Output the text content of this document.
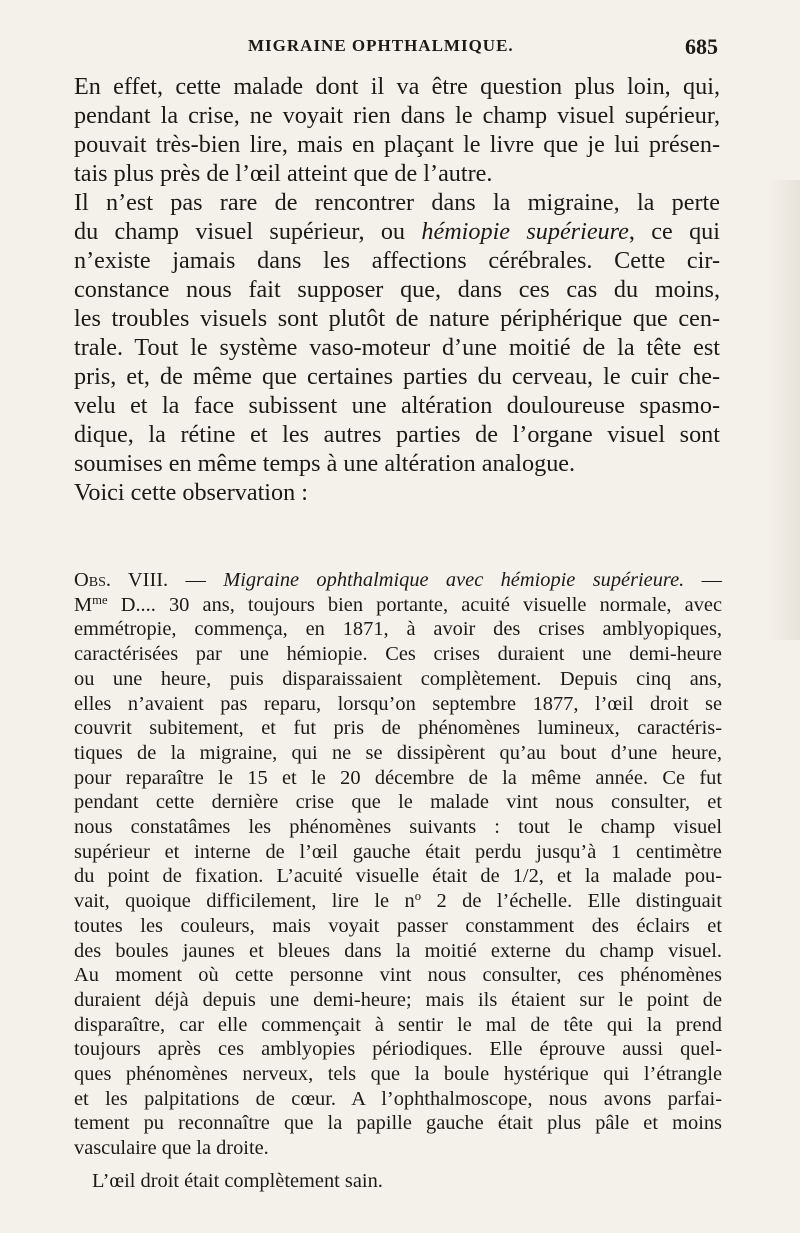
MIGRAINE OPHTHALMIQUE.	685

En effet, cette malade dont il va être question plus loin, qui,
pendant la crise, ne voyait rien dans le champ visuel supérieur,
pouvait très-bien lire, mais en plaçant le livre que je lui présen-
tais plus près de l’œil atteint que de l’autre.

Il n’est pas rare de rencontrer dans la migraine, la perte
du champ visuel supérieur, ou hémiopie supérieure, ce qui
n’existe jamais dans les affections cérébrales. Cette cir-
constance nous fait supposer que, dans ces cas du moins,
les troubles visuels sont plutôt de nature périphérique que cen-
trale. Tout le système vaso-moteur d’une moitié de la tête est
pris, et, de même que certaines parties du cerveau, le cuir che-
velu et la face subissent une altération douloureuse spasmo-
dique, la rétine et les autres parties de l’organe visuel sont
soumises en même temps à une altération analogue.

Voici cette observation :

Obs. VIII. — Migraine ophthalmique avec hémiopie supérieure. —
$M^{me}$ D.... 30 ans, toujours bien portante, acuité visuelle normale, avec
emmétropie, commença, en 1871, à avoir des crises amblyopiques,
caractérisées par une hémiopie. Ces crises duraient une demi-heure
ou une heure, puis disparaissaient complètement. Depuis cinq ans,
elles n’avaient pas reparu, lorsqu’on septembre 1877, l’œil droit se
couvrit subitement, et fut pris de phénomènes lumineux, caractéris-
tiques de la migraine, qui ne se dissipèrent qu’au bout d’une heure,
pour reparaître le 15 et le 20 décembre de la même année. Ce fut
pendant cette dernière crise que le malade vint nous consulter, et
nous constatâmes les phénomènes suivants : tout le champ visuel
supérieur et interne de l’œil gauche était perdu jusqu’à 1 centimètre
du point de fixation. L’acuité visuelle était de 1/2, et la malade pou-
vait, quoique difficilement, lire le $n^o$ 2 de l’échelle. Elle distinguait
toutes les couleurs, mais voyait passer constamment des éclairs et
des boules jaunes et bleues dans la moitié externe du champ visuel.
Au moment où cette personne vint nous consulter, ces phénomènes
duraient déjà depuis une demi-heure; mais ils étaient sur le point de
disparaître, car elle commençait à sentir le mal de tête qui la prend
toujours après ces amblyopies périodiques. Elle éprouve aussi quel-
ques phénomènes nerveux, tels que la boule hystérique qui l’étrangle
et les palpitations de cœur. A l’ophthalmoscope, nous avons parfai-
tement pu reconnaître que la papille gauche était plus pâle et moins
vasculaire que la droite.

L’œil droit était complètement sain.
